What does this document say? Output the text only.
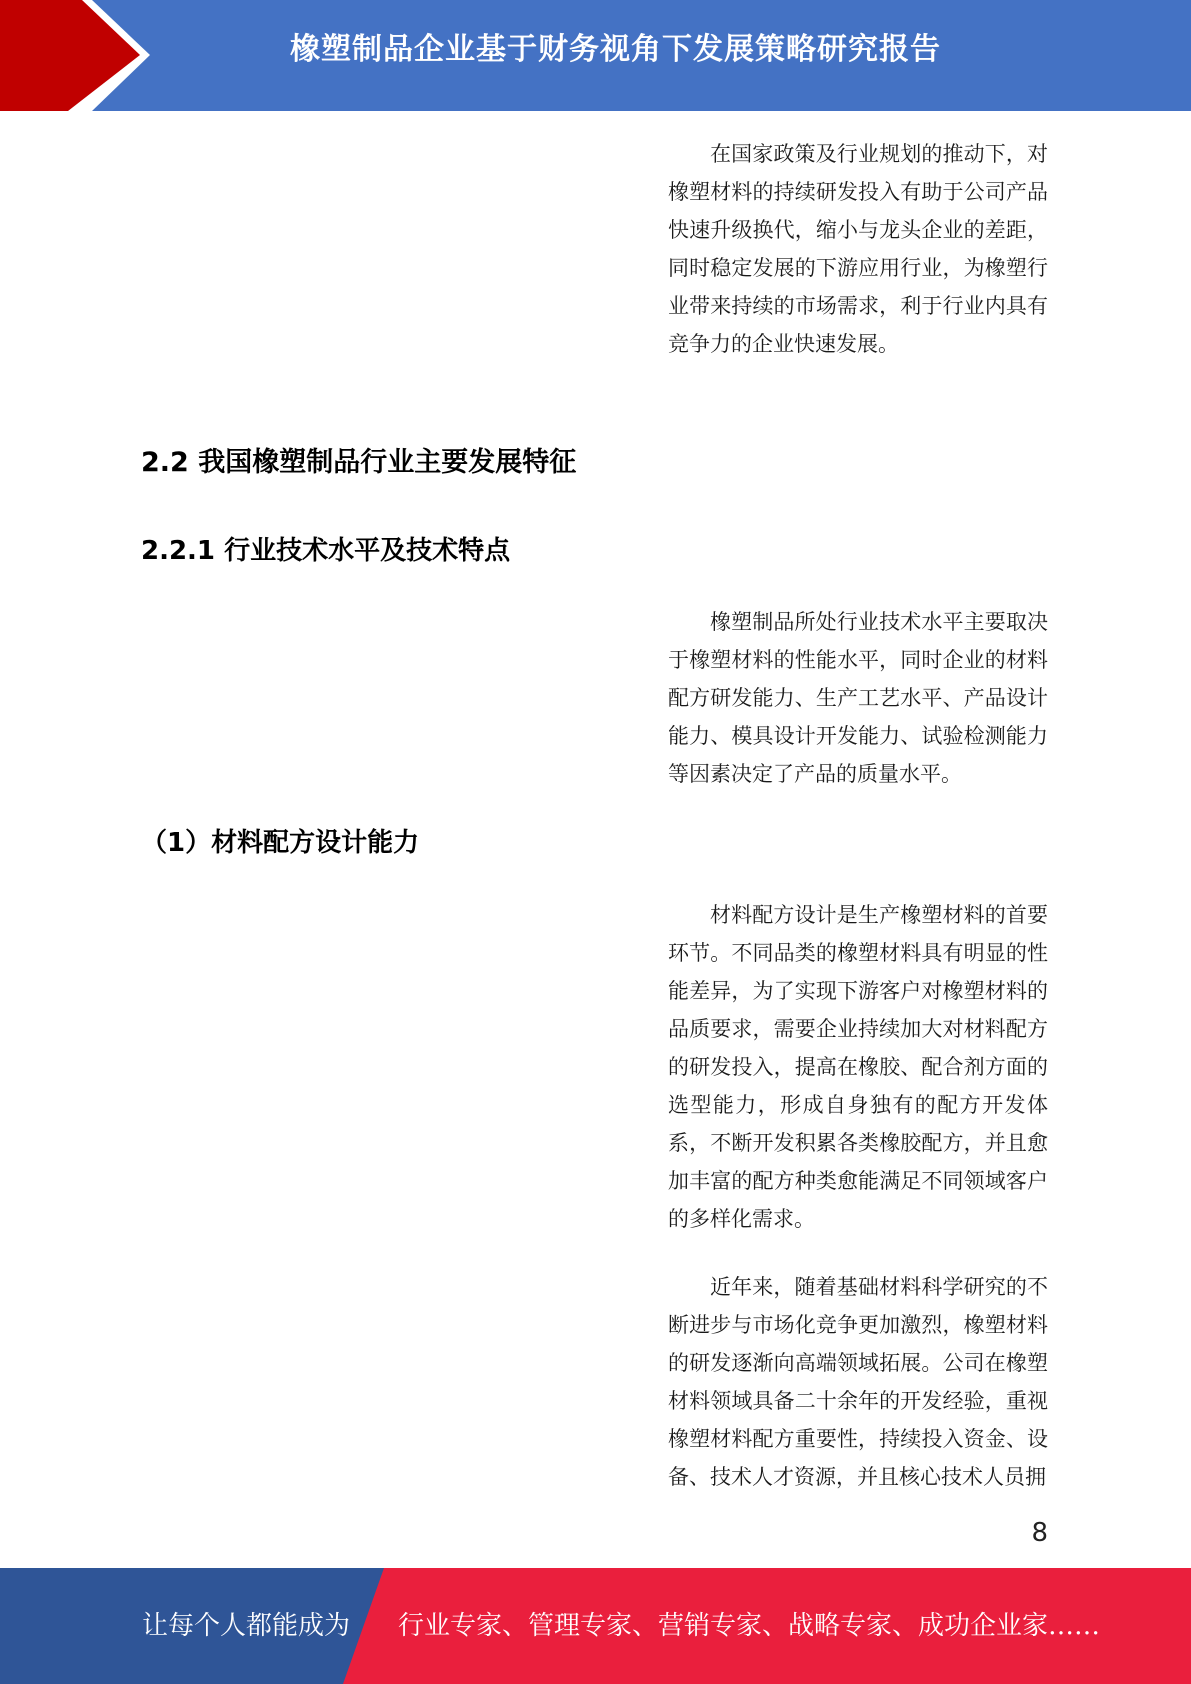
橡塑制品企业基于财务视角下发展策略研究报告

在国家政策及行业规划的推动下，对橡塑材料的持续研发投入有助于公司产品快速升级换代，缩小与龙头企业的差距，同时稳定发展的下游应用行业，为橡塑行业带来持续的市场需求，利于行业内具有竞争力的企业快速发展。

2.2 我国橡塑制品行业主要发展特征
2.2.1 行业技术水平及技术特点

橡塑制品所处行业技术水平主要取决于橡塑材料的性能水平，同时企业的材料配方研发能力、生产工艺水平、产品设计能力、模具设计开发能力、试验检测能力等因素决定了产品的质量水平。

（1）材料配方设计能力

材料配方设计是生产橡塑材料的首要环节。不同品类的橡塑材料具有明显的性能差异，为了实现下游客户对橡塑材料的品质要求，需要企业持续加大对材料配方的研发投入，提高在橡胶、配合剂方面的选型能力，形成自身独有的配方开发体系，不断开发积累各类橡胶配方，并且愈加丰富的配方种类愈能满足不同领域客户的多样化需求。

近年来，随着基础材料科学研究的不断进步与市场化竞争更加激烈，橡塑材料的研发逐渐向高端领域拓展。公司在橡塑材料领域具备二十余年的开发经验，重视橡塑材料配方重要性，持续投入资金、设备、技术人才资源，并且核心技术人员拥

8
让每个人都能成为 行业专家、管理专家、营销专家、战略专家、成功企业家……
